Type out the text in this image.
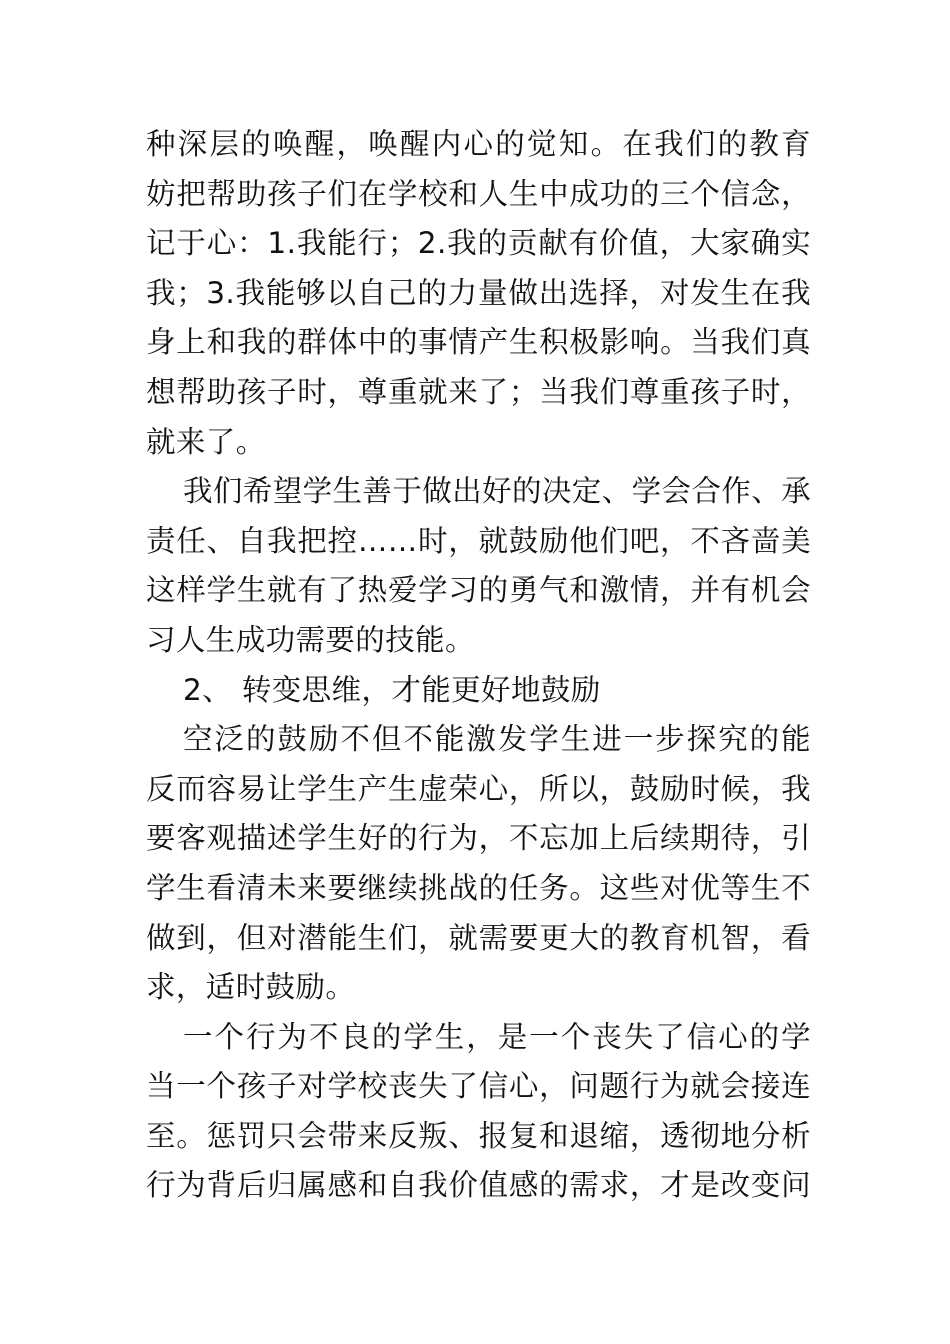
种深层的唤醒，唤醒内心的觉知。在我们的教育
妨把帮助孩子们在学校和人生中成功的三个信念，
记于心：1.我能行；2.我的贡献有价值，大家确实
我；3.我能够以自己的力量做出选择，对发生在我
身上和我的群体中的事情产生积极影响。当我们真
想帮助孩子时，尊重就来了；当我们尊重孩子时，
就来了。
我们希望学生善于做出好的决定、学会合作、承
责任、自我把控……时，就鼓励他们吧，不吝啬美
这样学生就有了热爱学习的勇气和激情，并有机会
习人生成功需要的技能。
2、 转变思维，才能更好地鼓励
空泛的鼓励不但不能激发学生进一步探究的能
反而容易让学生产生虚荣心，所以，鼓励时候，我
要客观描述学生好的行为，不忘加上后续期待，引
学生看清未来要继续挑战的任务。这些对优等生不
做到，但对潜能生们，就需要更大的教育机智，看
求，适时鼓励。
一个行为不良的学生，是一个丧失了信心的学
当一个孩子对学校丧失了信心，问题行为就会接连
至。惩罚只会带来反叛、报复和退缩，透彻地分析
行为背后归属感和自我价值感的需求，才是改变问
